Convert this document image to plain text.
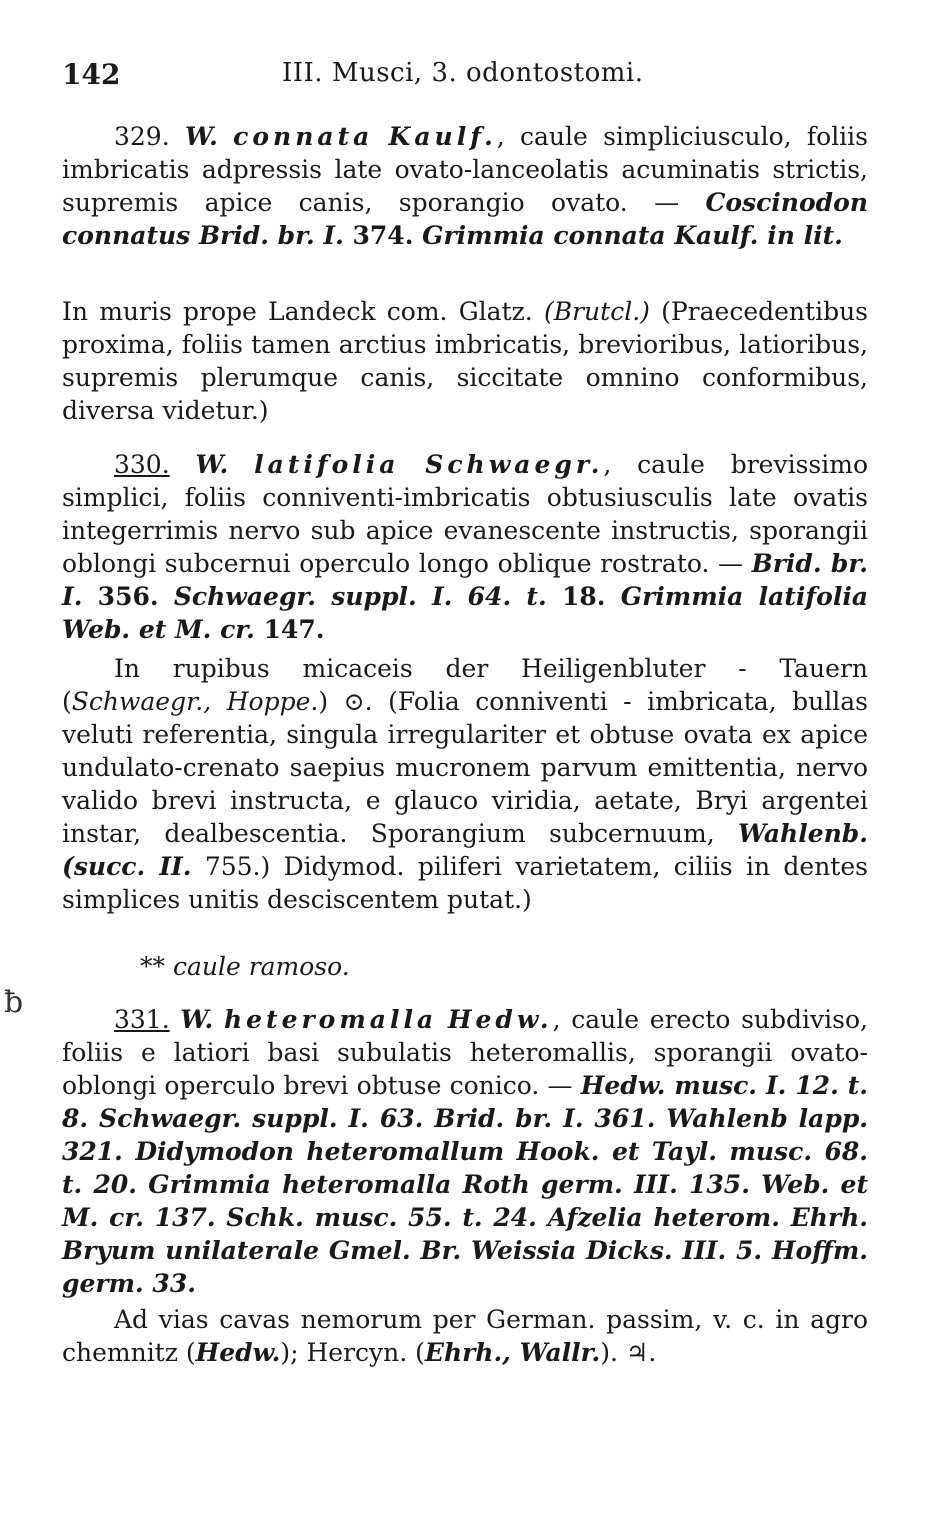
142	III. Musci, 3. odontostomi.

329. W. connata Kaulf., caule simpliciusculo, foliis imbricatis adpressis late ovato-lanceolatis acuminatis strictis, supremis apice canis, sporangio ovato. — Coscinodon connatus Brid. br. I. 374. Grimmia connata Kaulf. in lit.

In muris prope Landeck com. Glatz. (Brutcl.) (Praecedentibus proxima, foliis tamen arctius imbricatis, brevioribus, latioribus, supremis plerumque canis, siccitate omnino conformibus, diversa videtur.)

330. W. latifolia Schwaegr., caule brevissimo simplici, foliis conniventi-imbricatis obtusiusculis late ovatis integerrimis nervo sub apice evanescente instructis, sporangii oblongi subcernui operculo longo oblique rostrato. — Brid. br. I. 356. Schwaegr. suppl. I. 64. t. 18. Grimmia latifolia Web. et M. cr. 147.

In rupibus micaceis der Heiligenbluter - Tauern (Schwaegr., Hoppe.) ⊙. (Folia conniventi - imbricata, bullas veluti referentia, singula irregulariter et obtuse ovata ex apice undulato-crenato saepius mucronem parvum emittentia, nervo valido brevi instructa, e glauco viridia, aetate, Bryi argentei instar, dealbescentia. Sporangium subcernuum, Wahlenb. (succ. II. 755.) Didymod. piliferi varietatem, ciliis in dentes simplices unitis desciscentem putat.)

** caule ramoso.

331. W. heteromalla Hedw., caule erecto subdiviso, foliis e latiori basi subulatis heteromallis, sporangii ovato-oblongi operculo brevi obtuse conico. — Hedw. musc. I. 12. t. 8. Schwaegr. suppl. I. 63. Brid. br. I. 361. Wahlenb lapp. 321. Didymodon heteromallum Hook. et Tayl. musc. 68. t. 20. Grimmia heteromalla Roth germ. III. 135. Web. et M. cr. 137. Schk. musc. 55. t. 24. Afzelia heterom. Ehrh. Bryum unilaterale Gmel. Br. Weissia Dicks. III. 5. Hoffm. germ. 33.

Ad vias cavas nemorum per German. passim, v. c. in agro chemnitz (Hedw.); Hercyn. (Ehrh., Wallr.). ♃.

ƀ
